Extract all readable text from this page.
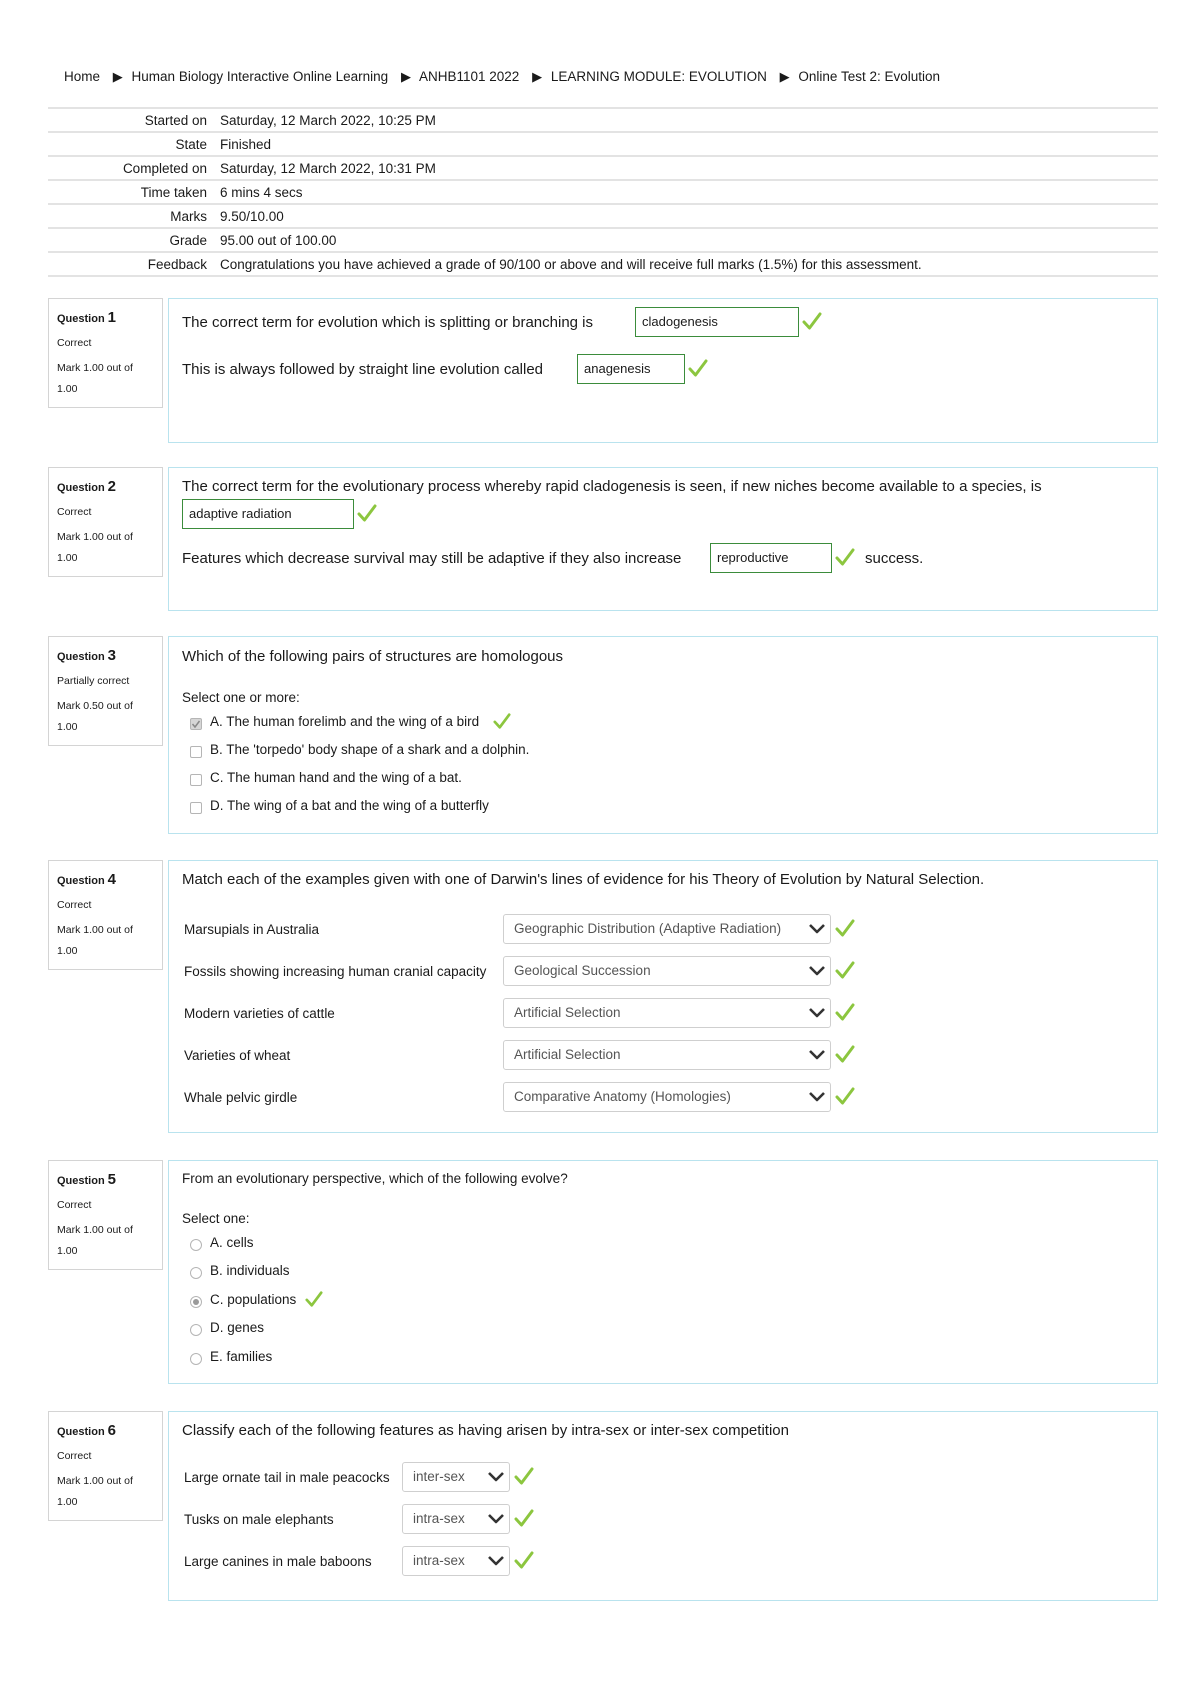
Home ▶ Human Biology Interactive Online Learning ▶ ANHB1101 2022 ▶ LEARNING MODULE: EVOLUTION ▶ Online Test 2: Evolution
Started on	Saturday, 12 March 2022, 10:25 PM
State	Finished
Completed on	Saturday, 12 March 2022, 10:31 PM
Time taken	6 mins 4 secs
Marks	9.50/10.00
Grade	95.00 out of 100.00
Feedback	Congratulations you have achieved a grade of 90/100 or above and will receive full marks (1.5%) for this assessment.
Question 1
Correct
Mark 1.00 out of
1.00
The correct term for evolution which is splitting or branching is	cladogenesis
This is always followed by straight line evolution called	anagenesis
Question 2
Correct
Mark 1.00 out of
1.00
The correct term for the evolutionary process whereby rapid cladogenesis is seen, if new niches become available to a species, is
adaptive radiation
Features which decrease survival may still be adaptive if they also increase	reproductive	success.
Question 3
Partially correct
Mark 0.50 out of
1.00
Which of the following pairs of structures are homologous
Select one or more:
A. The human forelimb and the wing of a bird
B. The 'torpedo' body shape of a shark and a dolphin.
C. The human hand and the wing of a bat.
D. The wing of a bat and the wing of a butterfly
Question 4
Correct
Mark 1.00 out of
1.00
Match each of the examples given with one of Darwin's lines of evidence for his Theory of Evolution by Natural Selection.
Marsupials in Australia	Geographic Distribution (Adaptive Radiation)
Fossils showing increasing human cranial capacity	Geological Succession
Modern varieties of cattle	Artificial Selection
Varieties of wheat	Artificial Selection
Whale pelvic girdle	Comparative Anatomy (Homologies)
Question 5
Correct
Mark 1.00 out of
1.00
From an evolutionary perspective, which of the following evolve?
Select one:
A. cells
B. individuals
C. populations
D. genes
E. families
Question 6
Correct
Mark 1.00 out of
1.00
Classify each of the following features as having arisen by intra-sex or inter-sex competition
Large ornate tail in male peacocks	inter-sex
Tusks on male elephants	intra-sex
Large canines in male baboons	intra-sex
